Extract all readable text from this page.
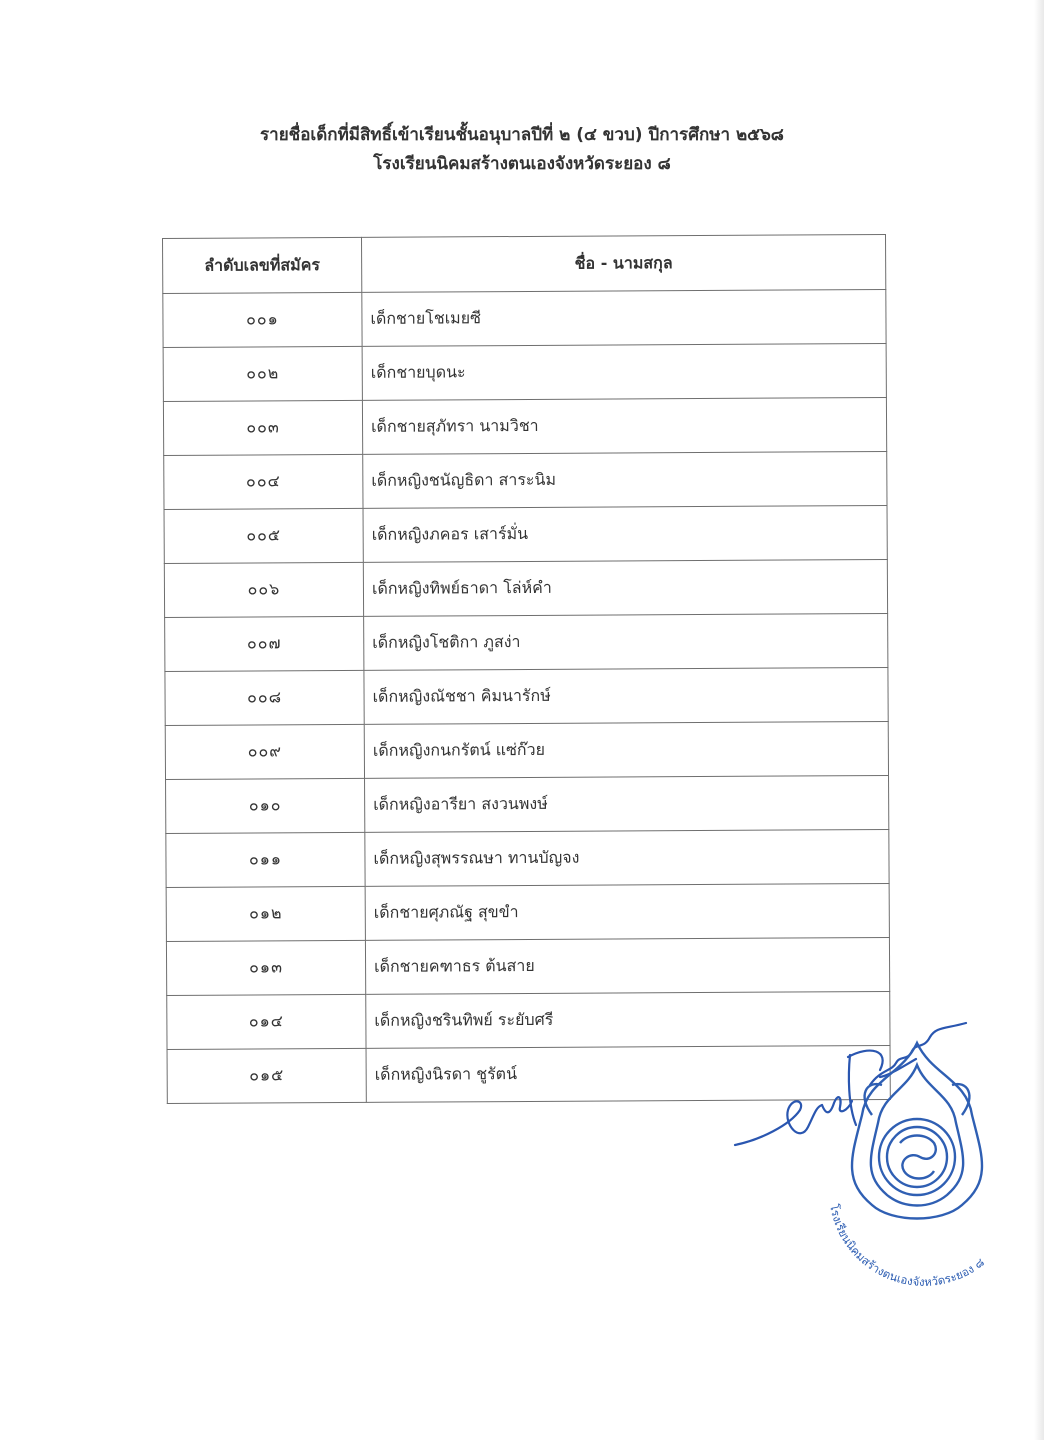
รายชื่อเด็กที่มีสิทธิ์เข้าเรียนชั้นอนุบาลปีที่ ๒ (๔ ขวบ) ปีการศึกษา ๒๕๖๘
โรงเรียนนิคมสร้างตนเองจังหวัดระยอง ๘
ลำดับเลขที่สมัคร	ชื่อ - นามสกุล
๐๐๑	เด็กชายโชเมยซี
๐๐๒	เด็กชายบุดนะ
๐๐๓	เด็กชายสุภัทรา นามวิชา
๐๐๔	เด็กหญิงชนัญธิดา สาระนิม
๐๐๕	เด็กหญิงภคอร เสาร์มั่น
๐๐๖	เด็กหญิงทิพย์ธาดา โล่ห์คำ
๐๐๗	เด็กหญิงโชติกา ภูสง่า
๐๐๘	เด็กหญิงณัชชา คิมนารักษ์
๐๐๙	เด็กหญิงกนกรัตน์ แซ่ก๊วย
๐๑๐	เด็กหญิงอารียา สงวนพงษ์
๐๑๑	เด็กหญิงสุพรรณษา ทานบัญจง
๐๑๒	เด็กชายศุภณัฐ สุขขำ
๐๑๓	เด็กชายคฑาธร ต้นสาย
๐๑๔	เด็กหญิงชรินทิพย์ ระยับศรี
๐๑๕	เด็กหญิงนิรดา ชูรัตน์
โรงเรียนนิคมสร้างตนเองจังหวัดระยอง ๘
